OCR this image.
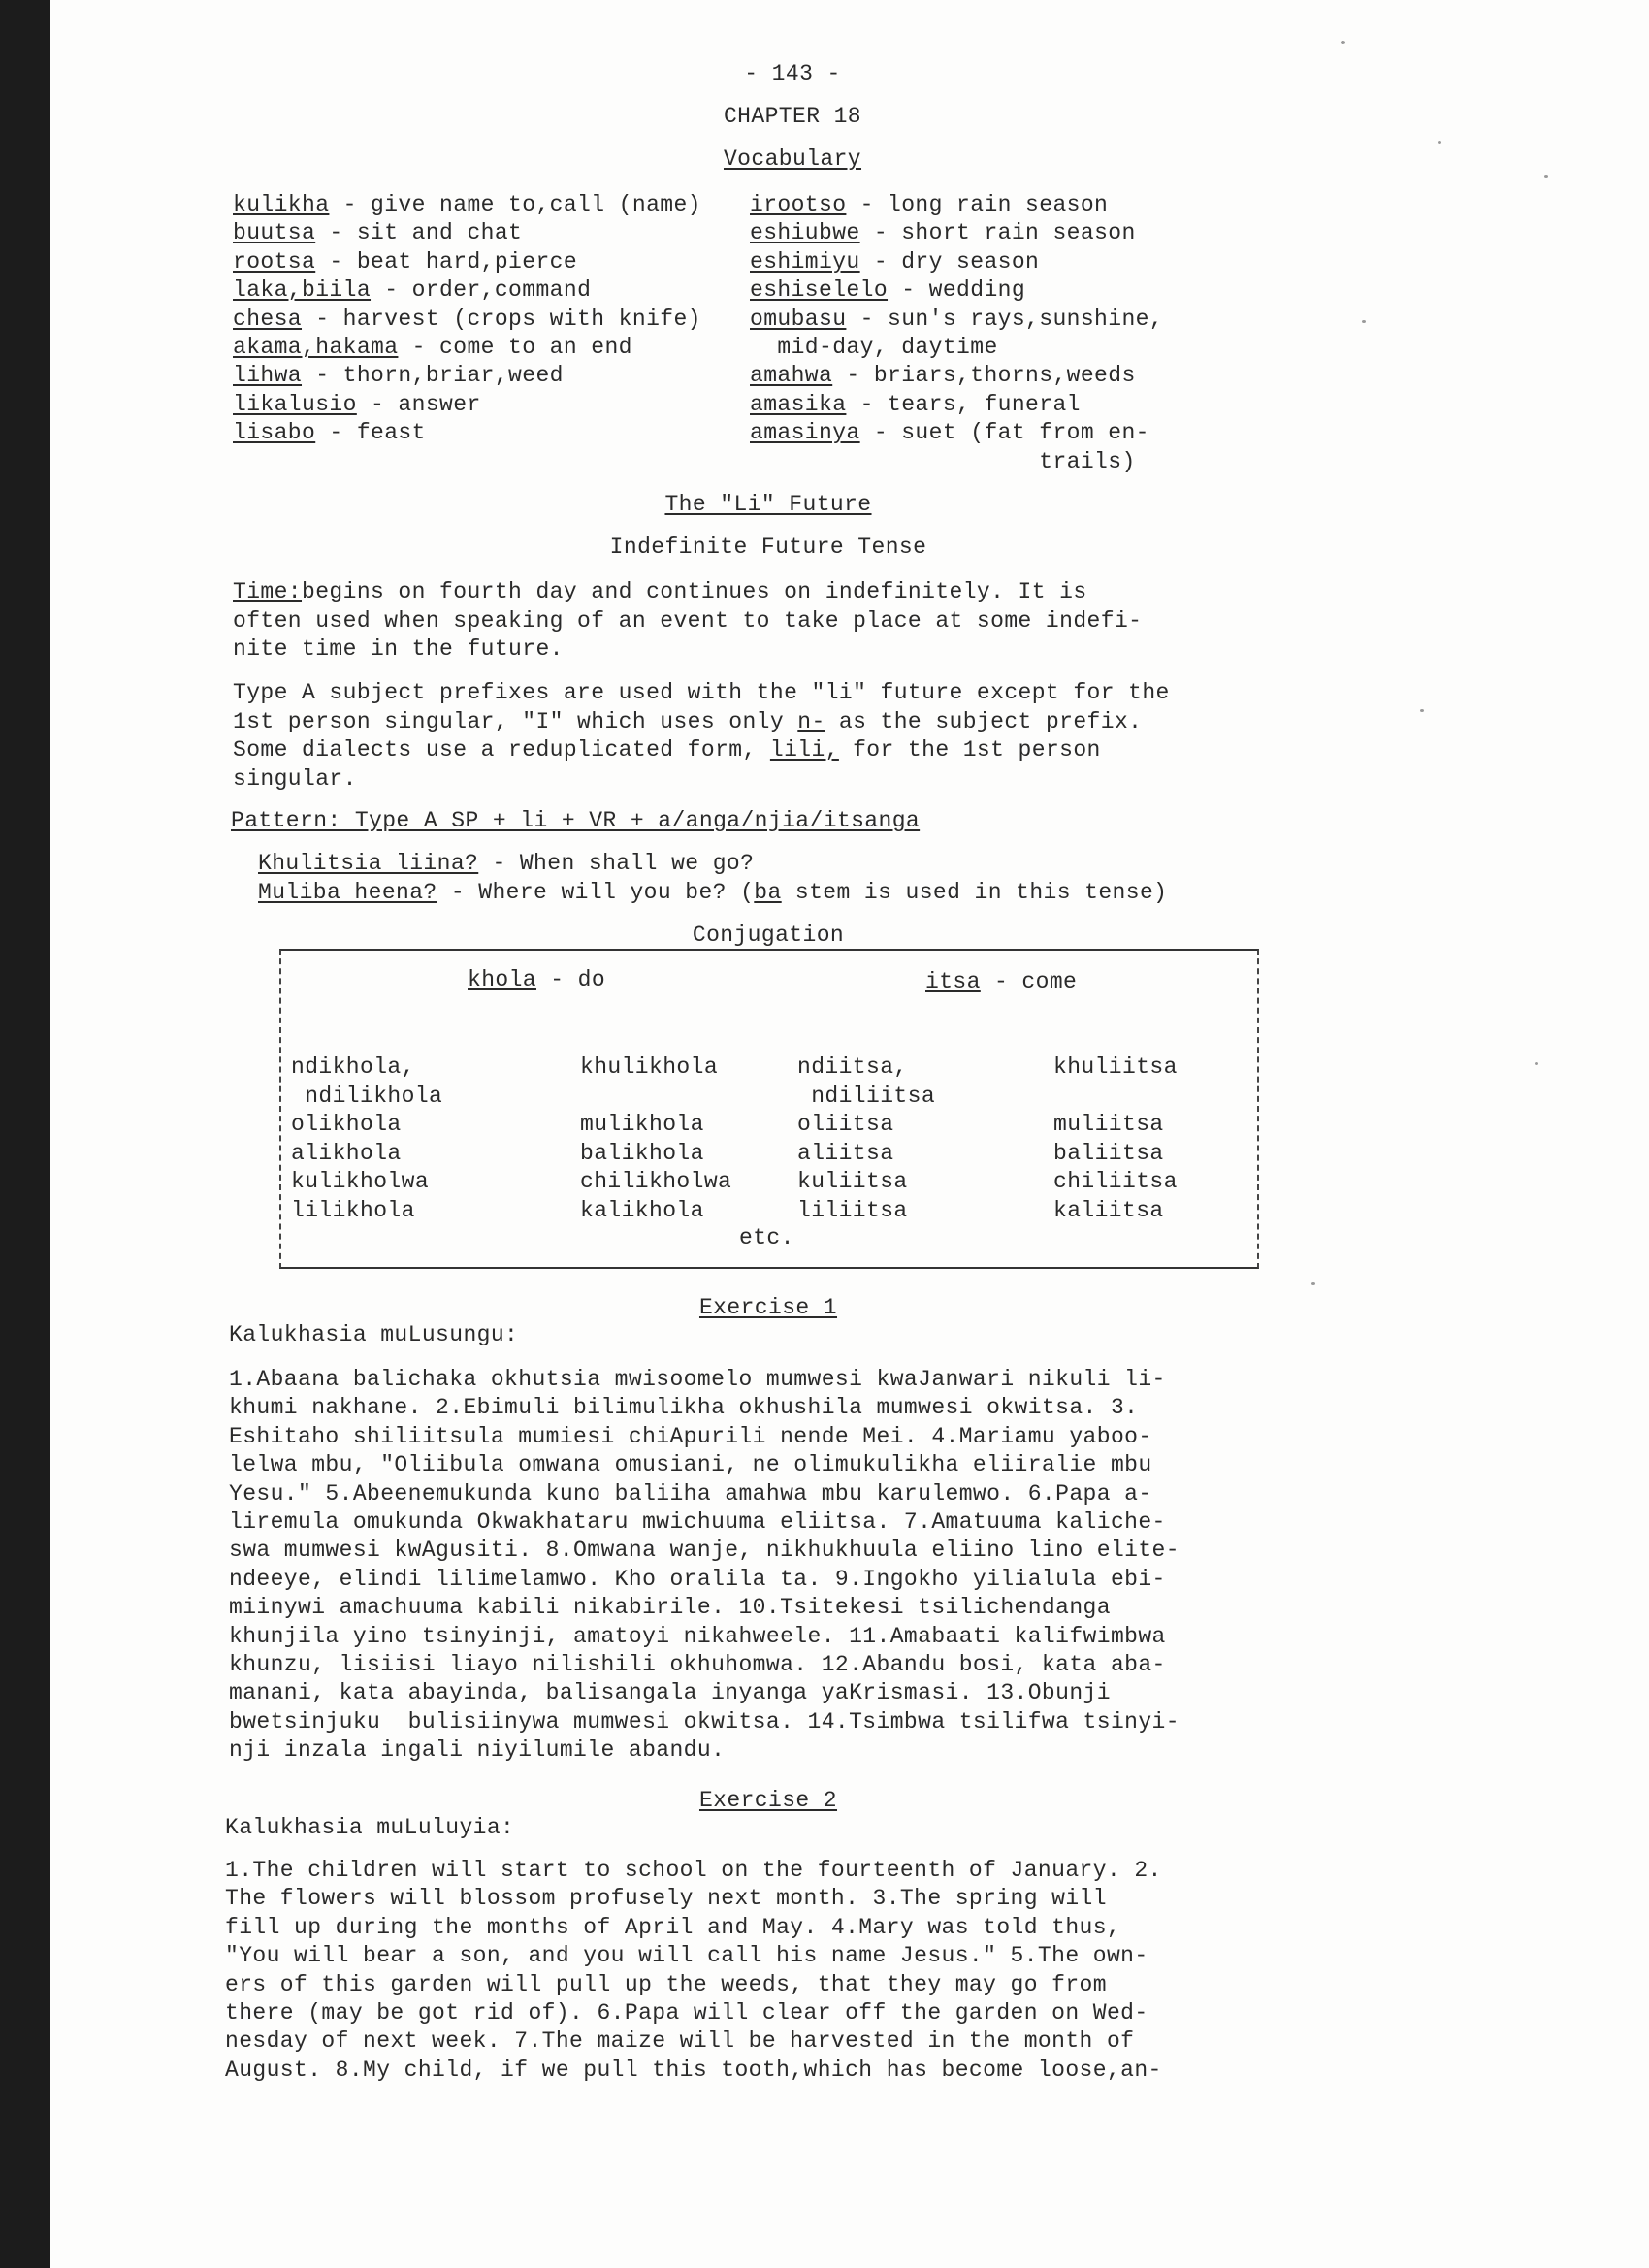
- 143 -
CHAPTER 18
Vocabulary
kulikha - give name to,call (name)
buutsa - sit and chat
rootsa - beat hard,pierce
laka,biila - order,command
chesa - harvest (crops with knife)
akama,hakama - come to an end
lihwa - thorn,briar,weed
likalusio - answer
lisabo - feast
irootso - long rain season
eshiubwe - short rain season
eshimiyu - dry season
eshiselelo - wedding
omubasu - sun's rays,sunshine,
mid-day, daytime
amahwa - briars,thorns,weeds
amasika - tears, funeral
amasinya - suet (fat from en-
trails)
The "Li" Future
Indefinite Future Tense
Time:begins on fourth day and continues on indefinitely. It is
often used when speaking of an event to take place at some indefi-
nite time in the future.
Type A subject prefixes are used with the "li" future except for the
1st person singular, "I" which uses only n- as the subject prefix.
Some dialects use a reduplicated form, lili, for the 1st person
singular.
Pattern: Type A SP + li + VR + a/anga/njia/itsanga
Khulitsia liina? - When shall we go?
Muliba heena? - Where will you be? (ba stem is used in this tense)
Conjugation
khola - do	itsa - come
ndikhola,
ndilikhola
olikhola
alikhola
kulikholwa
lilikhola
khulikhola

mulikhola
balikhola
chilikholwa
kalikhola
ndiitsa,
ndiliitsa
oliitsa
aliitsa
kuliitsa
liliitsa
khuliitsa

muliitsa
baliitsa
chiliitsa
kaliitsa
etc.
Exercise 1
Kalukhasia muLusungu:
1.Abaana balichaka okhutsia mwisoomelo mumwesi kwaJanwari nikuli li-
khumi nakhane. 2.Ebimuli bilimulikha okhushila mumwesi okwitsa. 3.
Eshitaho shiliitsula mumiesi chiApurili nende Mei. 4.Mariamu yaboo-
lelwa mbu, "Oliibula omwana omusiani, ne olimukulikha eliiralie mbu
Yesu." 5.Abeenemukunda kuno baliiha amahwa mbu karulemwo. 6.Papa a-
liremula omukunda Okwakhataru mwichuuma eliitsa. 7.Amatuuma kaliche-
swa mumwesi kwAgusiti. 8.Omwana wanje, nikhukhuula eliino lino elite-
ndeeye, elindi lilimelamwo. Kho oralila ta. 9.Ingokho yilialula ebi-
miinywi amachuuma kabili nikabirile. 10.Tsitekesi tsilichendanga
khunjila yino tsinyinji, amatoyi nikahweele. 11.Amabaati kalifwimbwa
khunzu, lisiisi liayo nilishili okhuhomwa. 12.Abandu bosi, kata aba-
manani, kata abayinda, balisangala inyanga yaKrismasi. 13.Obunji
bwetsinjuku  bulisiinywa mumwesi okwitsa. 14.Tsimbwa tsilifwa tsinyi-
nji inzala ingali niyilumile abandu.
Exercise 2
Kalukhasia muLuluyia:
1.The children will start to school on the fourteenth of January. 2.
The flowers will blossom profusely next month. 3.The spring will
fill up during the months of April and May. 4.Mary was told thus,
"You will bear a son, and you will call his name Jesus." 5.The own-
ers of this garden will pull up the weeds, that they may go from
there (may be got rid of). 6.Papa will clear off the garden on Wed-
nesday of next week. 7.The maize will be harvested in the month of
August. 8.My child, if we pull this tooth,which has become loose,an-
